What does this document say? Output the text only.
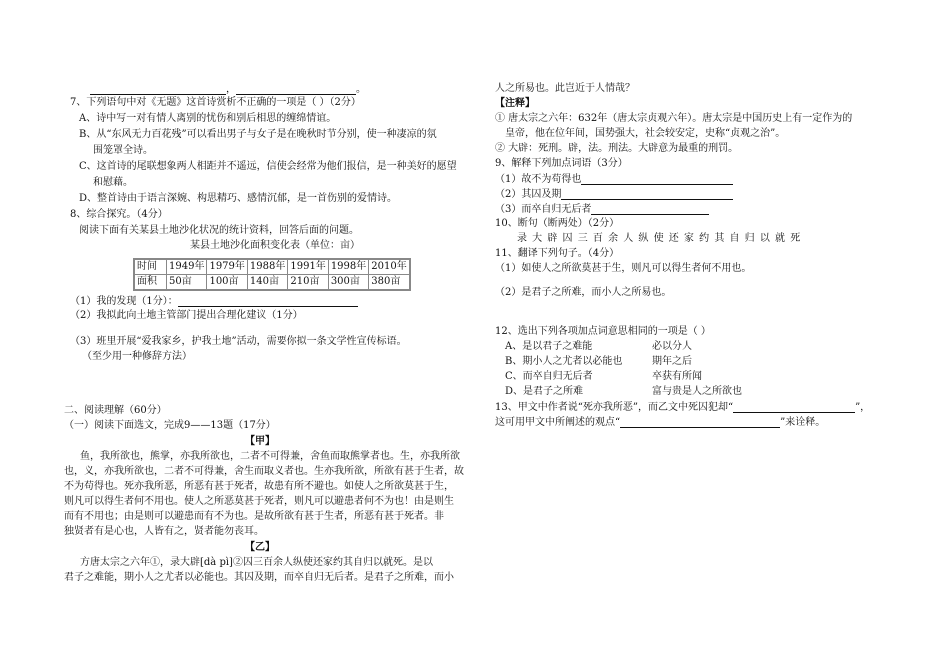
，	。
7、下列语句中对《无题》这首诗赏析不正确的一项是（ ）（2分）
A、诗中写一对有情人离别的忧伤和别后相思的缠绵情谊。
B、从“东风无力百花残”可以看出男子与女子是在晚秋时节分别，使一种凄凉的氛
围笼罩全诗。
C、这首诗的尾联想象两人相距并不遥远，信使会经常为他们报信，是一种美好的愿望
和慰藉。
D、整首诗由于语言深婉、构思精巧、感情沉郁，是一首伤别的爱情诗。
8、综合探究。（4分）
阅读下面有关某县土地沙化状况的统计资料，回答后面的问题。
某县土地沙化面积变化表（单位：亩）
时间	1949年	1979年	1988年	1991年	1998年	2010年
面积	50亩	100亩	140亩	210亩	300亩	380亩
（1）我的发现（1分）：
（2）我拟此向土地主管部门提出合理化建议（1分）
（3）班里开展“爱我家乡，护我土地”活动，需要你拟一条文学性宣传标语。
（至少用一种修辞方法）
二、阅读理解（60分）
（一）阅读下面选文，完成9——13题（17分）
【甲】
鱼，我所欲也，熊掌，亦我所欲也，二者不可得兼，舍鱼而取熊掌者也。生，亦我所欲
也，义，亦我所欲也，二者不可得兼，舍生而取义者也。生亦我所欲，所欲有甚于生者，故
不为苟得也。死亦我所恶，所恶有甚于死者，故患有所不避也。如使人之所欲莫甚于生，
则凡可以得生者何不用也。使人之所恶莫甚于死者，则凡可以避患者何不为也！由是则生
而有不用也；由是则可以避患而有不为也。是故所欲有甚于生者，所恶有甚于死者。非
独贤者有是心也，人皆有之，贤者能勿丧耳。
【乙】
方唐太宗之六年①，录大辟[dà pì]②囚三百余人纵使还家约其自归以就死。是以
君子之难能，期小人之尤者以必能也。其囚及期，而卒自归无后者。是君子之所难，而小
人之所易也。此岂近于人情哉？
【注释】
① 唐太宗之六年：632年（唐太宗贞观六年）。唐太宗是中国历史上有一定作为的
皇帝，他在位年间，国势强大，社会较安定，史称“贞观之治”。
② 大辟：死刑。辟，法。刑法。大辟意为最重的刑罚。
9、解释下列加点词语（3分）
（1）故不为苟得也
（2）其囚及期
（3）而卒自归无后者
10、断句（断两处）（2分）
录 大 辟 囚 三 百 余 人 纵 使 还 家 约 其 自 归 以 就 死
11、翻译下列句子。（4分）
（1）如使人之所欲莫甚于生，则凡可以得生者何不用也。
（2）是君子之所难，而小人之所易也。
12、选出下列各项加点词意思相同的一项是（ ）
A、是以君子之难能	必以分人
B、期小人之尤者以必能也	期年之后
C、而卒自归无后者	卒获有所闻
D、是君子之所难	富与贵是人之所欲也
13、甲文中作者说“死亦我所恶”，而乙文中死囚犯却“	”，
这可用甲文中所阐述的观点“	”来诠释。
